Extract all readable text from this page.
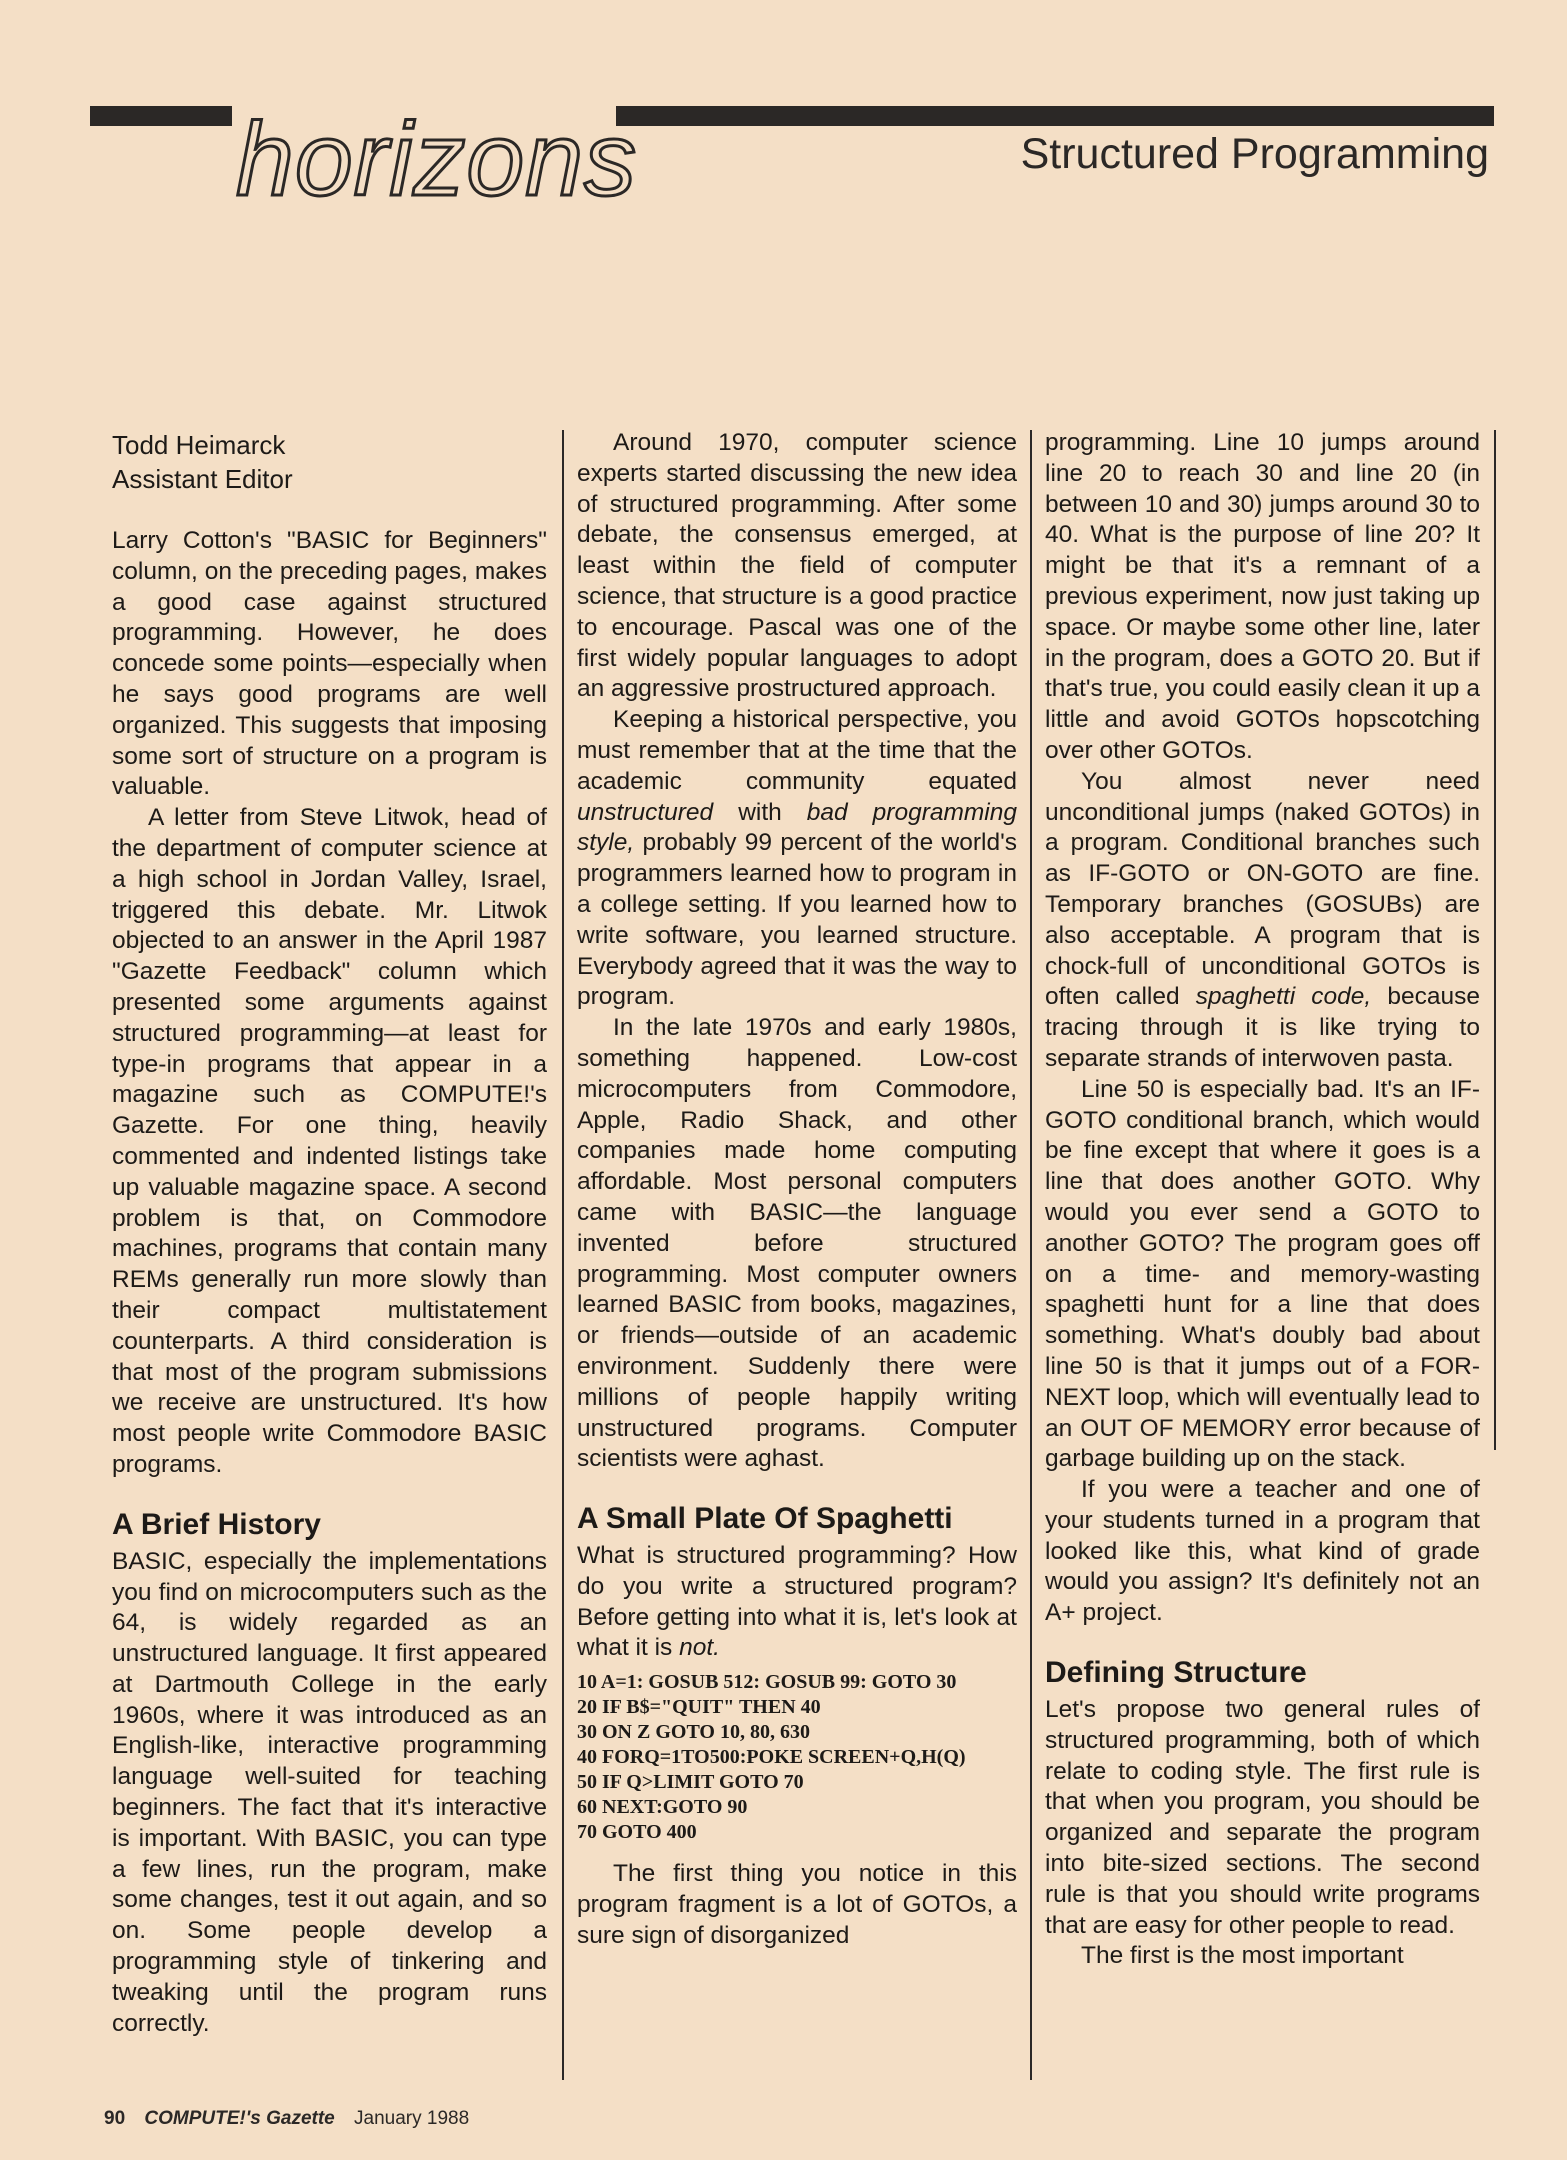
horizons	Structured Programming
Todd Heimarck
Assistant Editor

Larry Cotton's "BASIC for Beginners" column, on the preceding pages, makes a good case against structured programming. However, he does concede some points—especially when he says good programs are well organized. This suggests that imposing some sort of structure on a program is valuable.

A letter from Steve Litwok, head of the department of computer science at a high school in Jordan Valley, Israel, triggered this debate. Mr. Litwok objected to an answer in the April 1987 "Gazette Feedback" column which presented some arguments against structured programming—at least for type-in programs that appear in a magazine such as COMPUTE!'s Gazette. For one thing, heavily commented and indented listings take up valuable magazine space. A second problem is that, on Commodore machines, programs that contain many REMs generally run more slowly than their compact multistatement counterparts. A third consideration is that most of the program submissions we receive are unstructured. It's how most people write Commodore BASIC programs.

A Brief History

BASIC, especially the implementations you find on microcomputers such as the 64, is widely regarded as an unstructured language. It first appeared at Dartmouth College in the early 1960s, where it was introduced as an English-like, interactive programming language well-suited for teaching beginners. The fact that it's interactive is important. With BASIC, you can type a few lines, run the program, make some changes, test it out again, and so on. Some people develop a programming style of tinkering and tweaking until the program runs correctly.

Around 1970, computer science experts started discussing the new idea of structured programming. After some debate, the consensus emerged, at least within the field of computer science, that structure is a good practice to encourage. Pascal was one of the first widely popular languages to adopt an aggressive prostructured approach.

Keeping a historical perspective, you must remember that at the time that the academic community equated unstructured with bad programming style, probably 99 percent of the world's programmers learned how to program in a college setting. If you learned how to write software, you learned structure. Everybody agreed that it was the way to program.

In the late 1970s and early 1980s, something happened. Low-cost microcomputers from Commodore, Apple, Radio Shack, and other companies made home computing affordable. Most personal computers came with BASIC—the language invented before structured programming. Most computer owners learned BASIC from books, magazines, or friends—outside of an academic environment. Suddenly there were millions of people happily writing unstructured programs. Computer scientists were aghast.

A Small Plate Of Spaghetti

What is structured programming? How do you write a structured program? Before getting into what it is, let's look at what it is not.

10 A=1: GOSUB 512: GOSUB 99: GOTO 30
20 IF B$="QUIT" THEN 40
30 ON Z GOTO 10, 80, 630
40 FORQ=1TO500:POKE SCREEN+Q,H(Q)
50 IF Q>LIMIT GOTO 70
60 NEXT:GOTO 90
70 GOTO 400

The first thing you notice in this program fragment is a lot of GOTOs, a sure sign of disorganized

programming. Line 10 jumps around line 20 to reach 30 and line 20 (in between 10 and 30) jumps around 30 to 40. What is the purpose of line 20? It might be that it's a remnant of a previous experiment, now just taking up space. Or maybe some other line, later in the program, does a GOTO 20. But if that's true, you could easily clean it up a little and avoid GOTOs hopscotching over other GOTOs.

You almost never need unconditional jumps (naked GOTOs) in a program. Conditional branches such as IF-GOTO or ON-GOTO are fine. Temporary branches (GOSUBs) are also acceptable. A program that is chock-full of unconditional GOTOs is often called spaghetti code, because tracing through it is like trying to separate strands of interwoven pasta.

Line 50 is especially bad. It's an IF-GOTO conditional branch, which would be fine except that where it goes is a line that does another GOTO. Why would you ever send a GOTO to another GOTO? The program goes off on a time- and memory-wasting spaghetti hunt for a line that does something. What's doubly bad about line 50 is that it jumps out of a FOR-NEXT loop, which will eventually lead to an OUT OF MEMORY error because of garbage building up on the stack.

If you were a teacher and one of your students turned in a program that looked like this, what kind of grade would you assign? It's definitely not an A+ project.

Defining Structure

Let's propose two general rules of structured programming, both of which relate to coding style. The first rule is that when you program, you should be organized and separate the program into bite-sized sections. The second rule is that you should write programs that are easy for other people to read.

The first is the most important

90 COMPUTE!'s Gazette January 1988
